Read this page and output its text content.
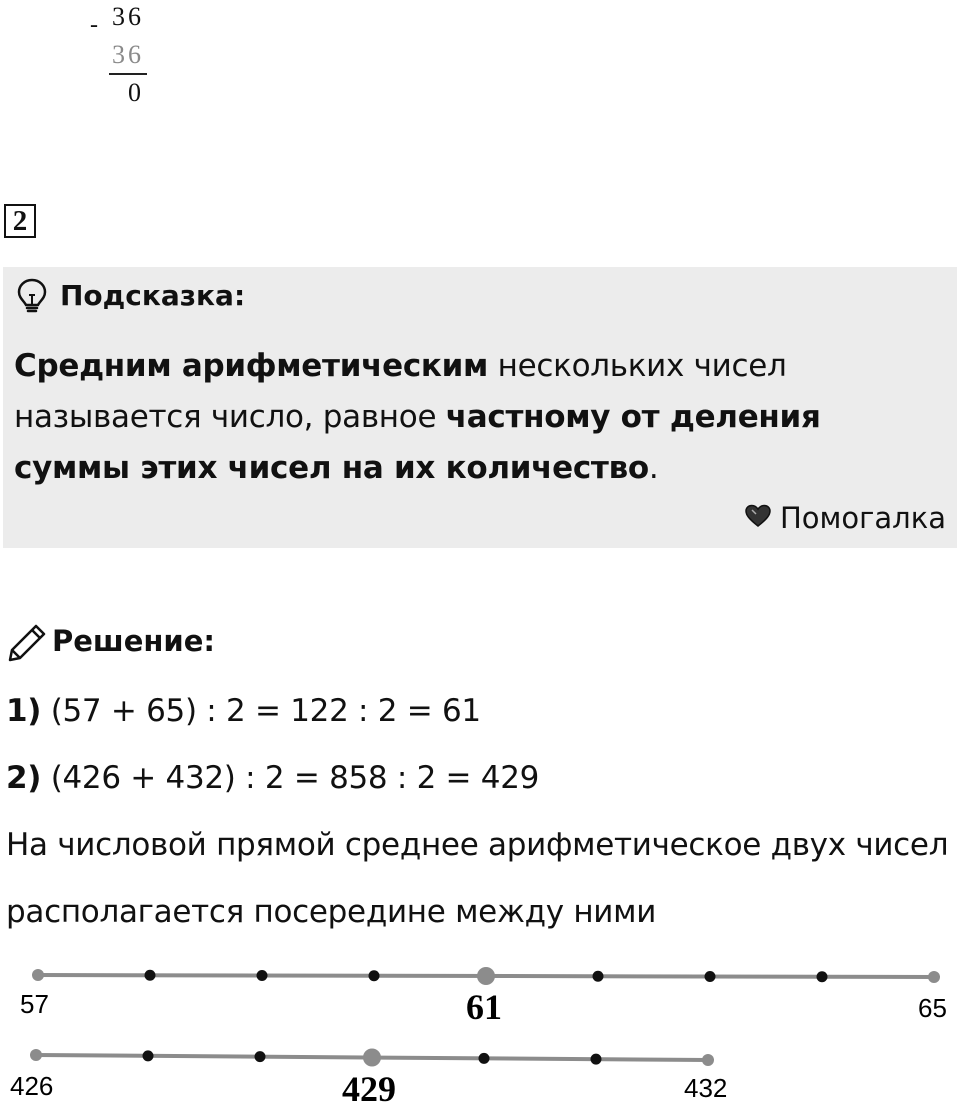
- 36
36
0
2
Подсказка:
Средним арифметическим нескольких чисел называется число, равное частному от деления суммы этих чисел на их количество.
Помогалка
Решение:
1) (57 + 65) : 2 = 122 : 2 = 61
2) (426 + 432) : 2 = 858 : 2 = 429
На числовой прямой среднее арифметическое двух чисел
располагается посередине между ними
57	61	65
426	429	432
